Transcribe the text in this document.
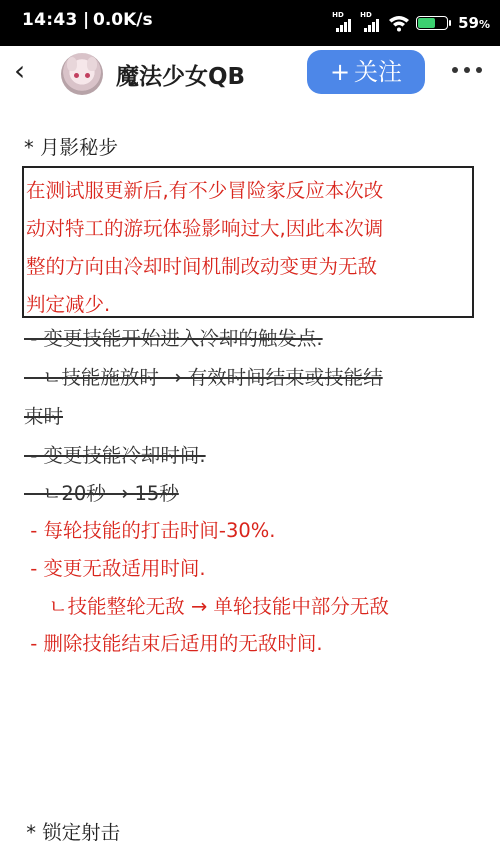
14:43 | 0.0K/s	HD HD	59%
‹	魔法少女QB	+ 关注
* 月影秘步
在测试服更新后,有不少冒险家反应本次改
动对特工的游玩体验影响过大,因此本次调
整的方向由冷却时间机制改动变更为无敌
判定减少.
- 变更技能开始进入冷却的触发点.
ㄴ技能施放时 → 有效时间结束或技能结
束时
- 变更技能冷却时间.
ㄴ20秒 → 15秒
- 每轮技能的打击时间-30%.
- 变更无敌适用时间.
ㄴ技能整轮无敌 → 单轮技能中部分无敌
- 删除技能结束后适用的无敌时间.
* 锁定射击
